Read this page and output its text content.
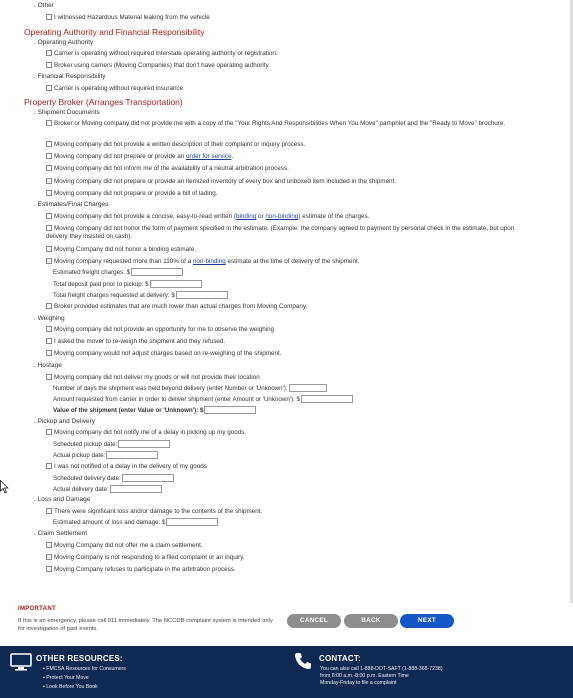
. Other
I witnessed Hazardous Material leaking from the vehicle
Operating Authority and Financial Responsibility
. Operating Authority
Carrier is operating without required interstate operating authority or registration.
Broker using carriers (Moving Companies) that don't have operating authority.
. Financial Responsibility
Carrier is operating without required insurance
Property Broker (Arranges Transportation)
. Shipment Documents
Broker or Moving company did not provide me with a copy of the "Your Rights And Responsibilities When You Move" pamphlet and the "Ready to Move" brochure.
Moving company did not provide a written description of their complaint or inquiry process.
Moving company did not prepare or provide an order for service.
Moving company did not inform me of the availability of a neutral arbitration process.
Moving company did not prepare or provide an itemized inventory of every box and unboxed item included in the shipment.
Moving company did not prepare or provide a bill of lading.
. Estimates/Final Charges
Moving company did not provide a concise, easy-to-read written (binding or non-binding) estimate of the charges.
Moving company did not honor the form of payment specified in the estimate. (Example: the company agreed to payment by personal check in the estimate, but upon delivery they insisted on cash).
Moving Company did not honor a binding estimate.
Moving company requested more than 110% of a non-binding estimate at the time of delivery of the shipment.
Estimated freight charges: $
Total deposit paid prior to pickup: $
Total freight charges requested at delivery: $
Broker provided estimates that are much lower than actual charges from Moving Company.
. Weighing
Moving company did not provide an opportunity for me to observe the weighing
I asked the mover to re-weigh the shipment and they refused.
Moving company would not adjust charges based on re-weighing of the shipment.
. Hostage
Moving company did not deliver my goods or will not provide their location
Number of days the shipment was held beyond delivery (enter Number or 'Unknown'):
Amount requested from carrier in order to deliver shipment (enter Amount or 'Unknown'): $
Value of the shipment (enter Value or 'Unknown'): $
. Pickup and Delivery
Moving company did not notify me of a delay in picking up my goods.
Scheduled pickup date:
Actual pickup date:
I was not notified of a delay in the delivery of my goods
Scheduled delivery date:
Actual delivery date:
. Loss and Damage
There were significant loss and/or damage to the contents of the shipment.
Estimated amount of loss and damage: $
. Claim Settlement
Moving Company did not offer me a claim settlement.
Moving Company is not responding to a filed complaint or an inquiry.
Moving Company refuses to participate in the arbitration process.
IMPORTANT
If this is an emergency, please call 911 immediately. The NCCDB complaint system is intended only for investigation of past events.
CANCEL	BACK	NEXT
OTHER RESOURCES:
▪ FMCSA Resources for Consumers
▪ Protect Your Move
▪ Look Before You Book
CONTACT:
You can also call 1-888-DOT-SAFT (1-888-368-7238)
from 8:00 a.m.-8:00 p.m. Eastern Time
Monday-Friday to file a complaint
